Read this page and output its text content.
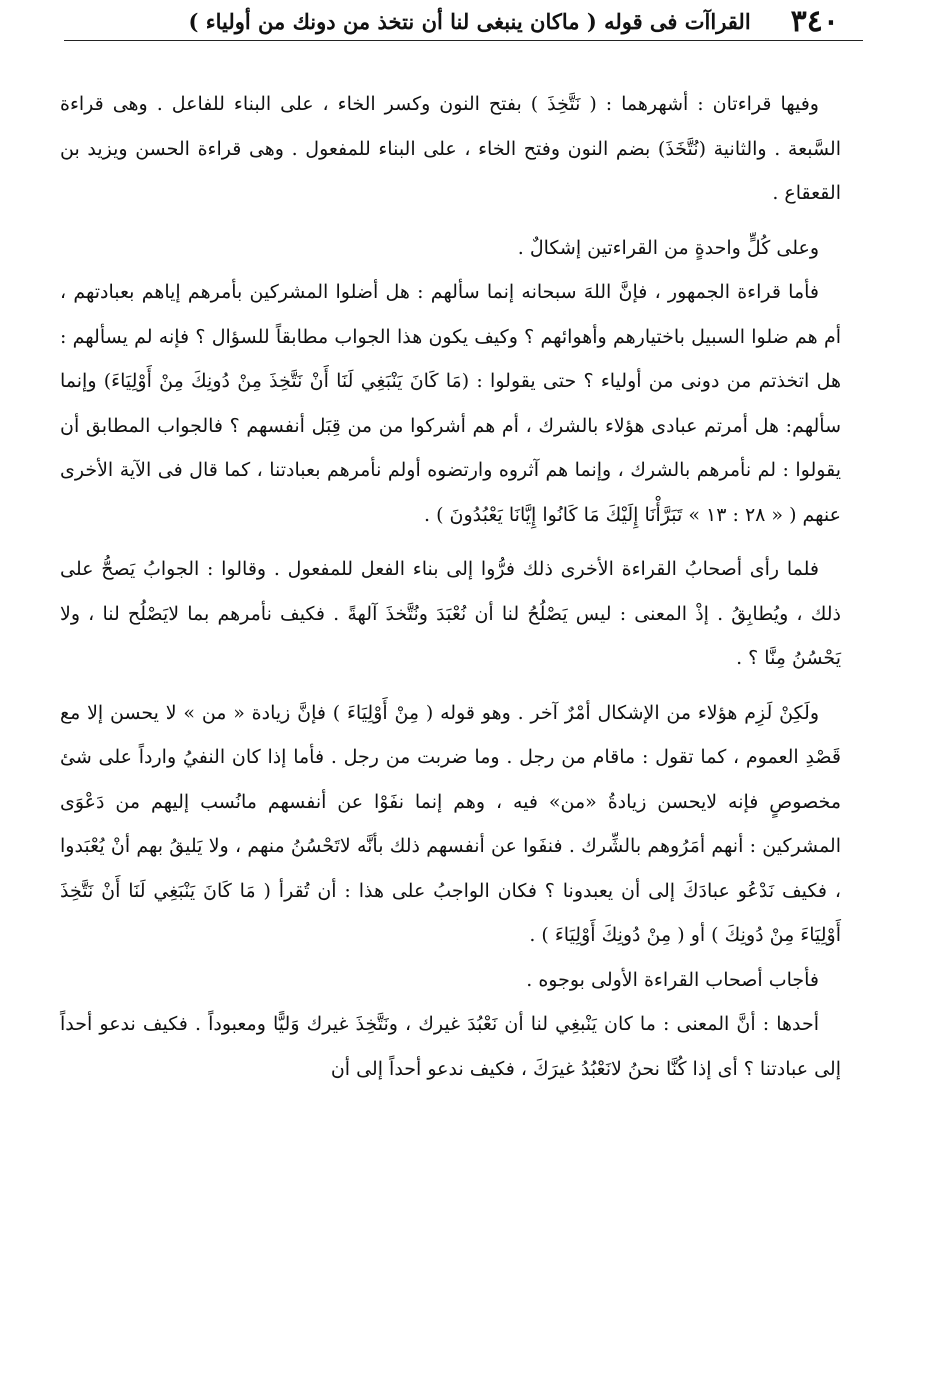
٣٤٠
القراآت فى قوله ( ماكان ينبغى لنا أن نتخذ من دونك من أولياء )

وفيها قراءتان : أشهرهما : ( نَتَّخِذَ ) بفتح النون وكسر الخاء ، على البناء للفاعل . وهى قراءة السَّبعة . والثانية (نُتَّخَذَ) بضم النون وفتح الخاء ، على البناء للمفعول . وهى قراءة الحسن ويزيد بن القعقاع .

وعلى كُلٍّ واحدةٍ من القراءتين إشكالٌ .

فأما قراءة الجمهور ، فإنَّ اللهَ سبحانه إنما سألهم : هل أضلوا المشركين بأمرهم إياهم بعبادتهم ، أم هم ضلوا السبيل باختيارهم وأهوائهم ؟ وكيف يكون هذا الجواب مطابقاً للسؤال ؟ فإنه لم يسألهم : هل اتخذتم من دونى من أولياء ؟ حتى يقولوا : (مَا كَانَ يَنْبَغِي لَنَا أَنْ نَتَّخِذَ مِنْ دُونِكَ مِنْ أَوْلِيَاءَ) وإنما سألهم: هل أمرتم عبادى هؤلاء بالشرك ، أم هم أشركوا من من قِبَل أنفسهم ؟ فالجواب المطابق أن يقولوا : لم نأمرهم بالشرك ، وإنما هم آثروه وارتضوه أولم نأمرهم بعبادتنا ، كما قال فى الآية الأخرى عنهم ( « ٢٨ : ١٣ » تَبَرَّأْنَا إِلَيْكَ مَا كَانُوا إِيَّانَا يَعْبُدُونَ ) .

فلما رأى أصحابُ القراءة الأخرى ذلك فرُّوا إلى بناء الفعل للمفعول . وقالوا : الجوابُ يَصحُّ على ذلك ، ويُطابِقُ . إذْ المعنى : ليس يَصْلُحُ لنا أن نُعْبَدَ ونُتَّخذَ آلهةً . فكيف نأمرهم بما لايَصْلُح لنا ، ولا يَحْسُنُ مِنَّا ؟ .

ولَكِنْ لَزِم هؤلاء من الإشكال أمْرٌ آخر . وهو قوله ( مِنْ أَوْلِيَاءَ ) فإنَّ زيادة « من » لا يحسن إلا مع قَصْدِ العموم ، كما تقول : ماقام من رجل . وما ضربت من رجل . فأما إذا كان النفيُ وارداً على شئ مخصوصٍ فإنه لايحسن زيادةُ «من» فيه ، وهم إنما نفَوْا عن أنفسهم مانُسب إليهم من دَعْوَى المشركين : أنهم أمَرُوهم بالشِّرك . فنفَوا عن أنفسهم ذلك بأنَّه لاتَحْسُنُ منهم ، ولا يَليقُ بهم أنْ يُعْبَدوا ، فكيف نَدْعُو عبادَكَ إلى أن يعبدونا ؟ فكان الواجبُ على هذا : أن تُقرأ ( مَا كَانَ يَنْبَغِي لَنَا أَنْ نَتَّخِذَ أَوْلِيَاءَ مِنْ دُونِكَ ) أو ( مِنْ دُونِكَ أَوْلِيَاءَ ) .

فأجاب أصحاب القراءة الأولى بوجوه .

أحدها : أنَّ المعنى : ما كان يَنْبغِي لنا أن نَعْبُدَ غيرك ، ونَتَّخِذَ غيرك وَليًّا ومعبوداً . فكيف ندعو أحداً إلى عبادتنا ؟ أى إذا كُنَّا نحنُ لانَعْبُدُ غيرَكَ ، فكيف ندعو أحداً إلى أن
